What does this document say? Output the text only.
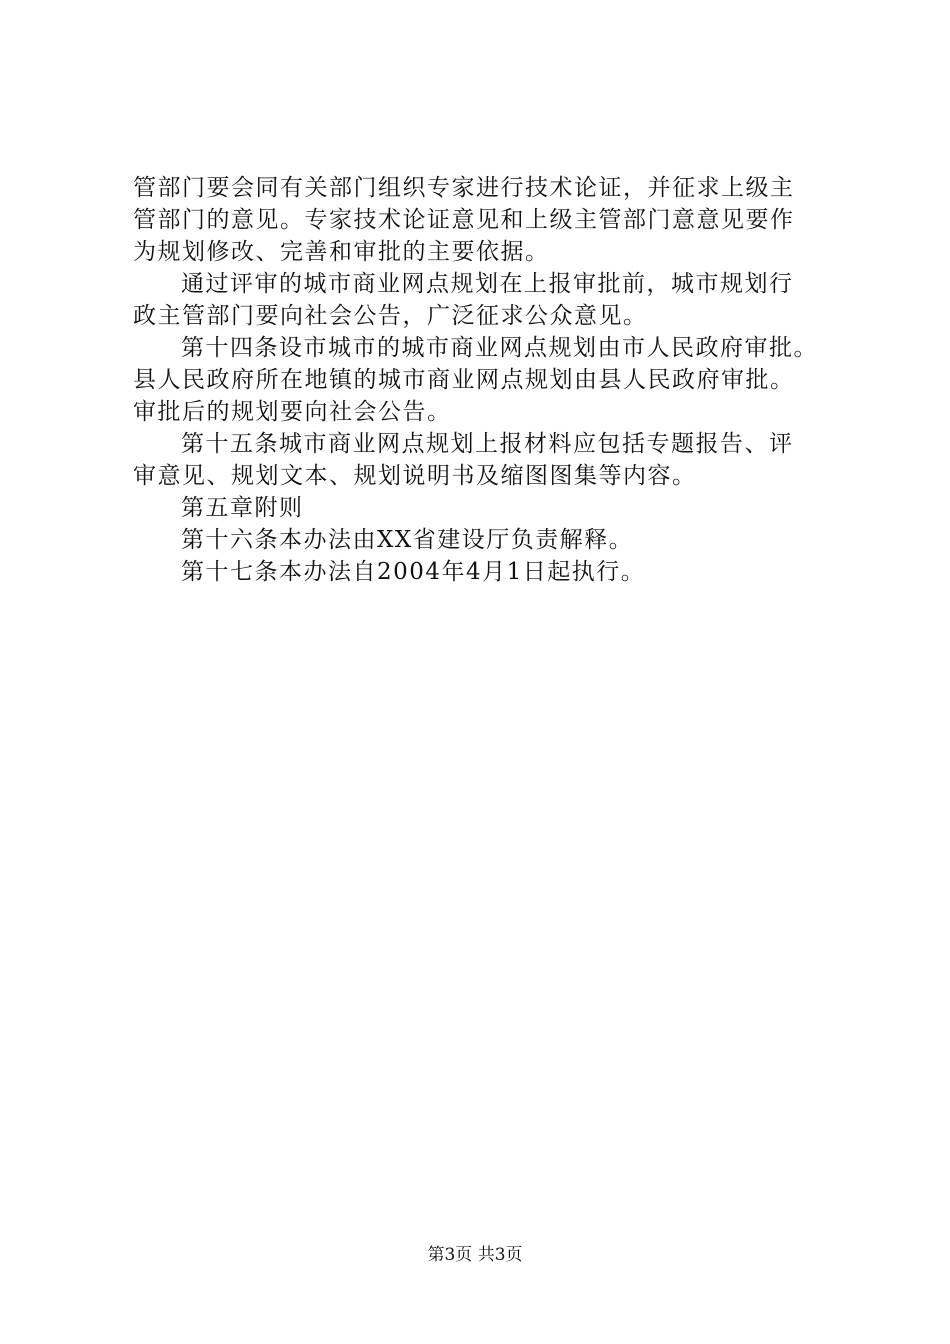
管部门要会同有关部门组织专家进行技术论证，并征求上级主
管部门的意见。专家技术论证意见和上级主管部门意意见要作
为规划修改、完善和审批的主要依据。
通过评审的城市商业网点规划在上报审批前，城市规划行
政主管部门要向社会公告，广泛征求公众意见。
第十四条设市城市的城市商业网点规划由市人民政府审批。
县人民政府所在地镇的城市商业网点规划由县人民政府审批。
审批后的规划要向社会公告。
第十五条城市商业网点规划上报材料应包括专题报告、评
审意见、规划文本、规划说明书及缩图图集等内容。
第五章附则
第十六条本办法由XX省建设厅负责解释。
第十七条本办法自2004年4月1日起执行。
第3页 共3页
